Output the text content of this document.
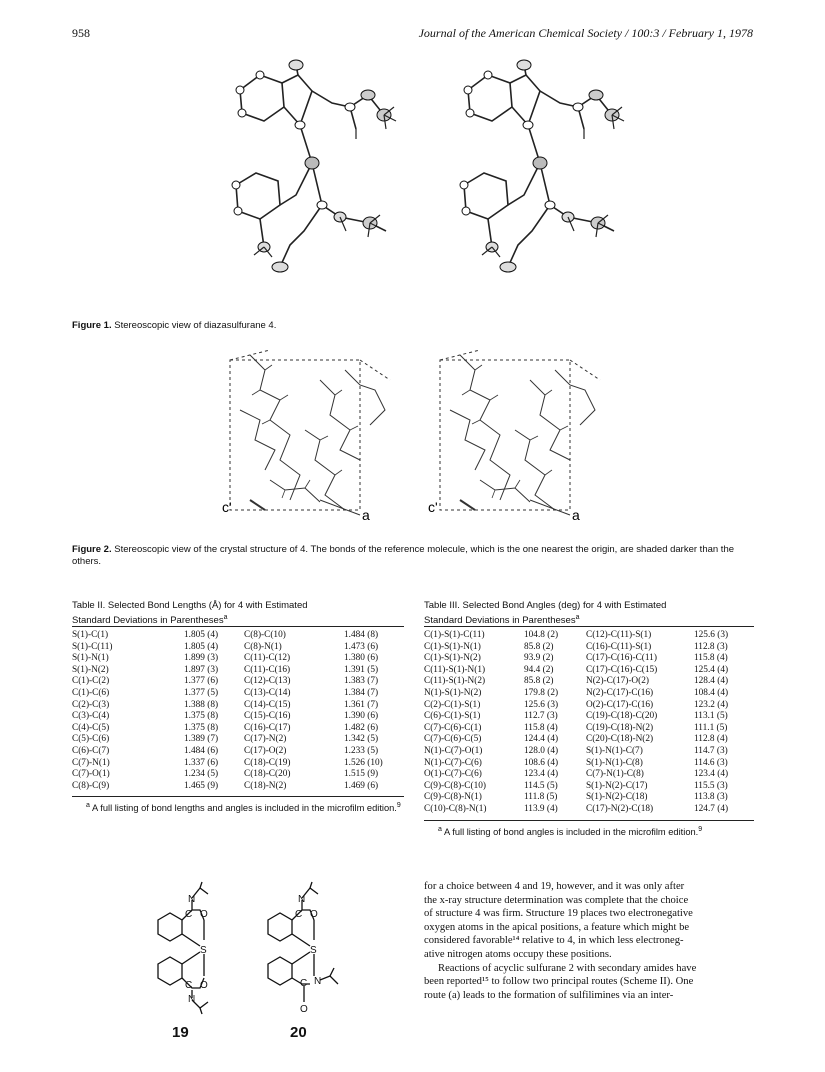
958	Journal of the American Chemical Society / 100:3 / February 1, 1978
Figure 1. Stereoscopic view of diazasulfurane 4.
c'	a	c'	a
Figure 2. Stereoscopic view of the crystal structure of 4. The bonds of the reference molecule, which is the one nearest the origin, are shaded darker than the others.
Table II. Selected Bond Lengths (Å) for 4 with Estimated
Standard Deviations in Parentheses$^a$
S(1)-C(1)	1.805 (4)	C(8)-C(10)	1.484 (8)
S(1)-C(11)	1.805 (4)	C(8)-N(1)	1.473 (6)
S(1)-N(1)	1.899 (3)	C(11)-C(12)	1.380 (6)
S(1)-N(2)	1.897 (3)	C(11)-C(16)	1.391 (5)
C(1)-C(2)	1.377 (6)	C(12)-C(13)	1.383 (7)
C(1)-C(6)	1.377 (5)	C(13)-C(14)	1.384 (7)
C(2)-C(3)	1.388 (8)	C(14)-C(15)	1.361 (7)
C(3)-C(4)	1.375 (8)	C(15)-C(16)	1.390 (6)
C(4)-C(5)	1.375 (8)	C(16)-C(17)	1.482 (6)
C(5)-C(6)	1.389 (7)	C(17)-N(2)	1.342 (5)
C(6)-C(7)	1.484 (6)	C(17)-O(2)	1.233 (5)
C(7)-N(1)	1.337 (6)	C(18)-C(19)	1.526 (10)
C(7)-O(1)	1.234 (5)	C(18)-C(20)	1.515 (9)
C(8)-C(9)	1.465 (9)	C(18)-N(2)	1.469 (6)
$^a$ A full listing of bond lengths and angles is included in the microfilm edition.$^9$
Table III. Selected Bond Angles (deg) for 4 with Estimated
Standard Deviations in Parentheses$^a$
C(1)-S(1)-C(11)	104.8 (2)	C(12)-C(11)-S(1)	125.6 (3)
C(1)-S(1)-N(1)	85.8 (2)	C(16)-C(11)-S(1)	112.8 (3)
C(1)-S(1)-N(2)	93.9 (2)	C(17)-C(16)-C(11)	115.8 (4)
C(11)-S(1)-N(1)	94.4 (2)	C(17)-C(16)-C(15)	125.4 (4)
C(11)-S(1)-N(2)	85.8 (2)	N(2)-C(17)-O(2)	128.4 (4)
N(1)-S(1)-N(2)	179.8 (2)	N(2)-C(17)-C(16)	108.4 (4)
C(2)-C(1)-S(1)	125.6 (3)	O(2)-C(17)-C(16)	123.2 (4)
C(6)-C(1)-S(1)	112.7 (3)	C(19)-C(18)-C(20)	113.1 (5)
C(7)-C(6)-C(1)	115.8 (4)	C(19)-C(18)-N(2)	111.1 (5)
C(7)-C(6)-C(5)	124.4 (4)	C(20)-C(18)-N(2)	112.8 (4)
N(1)-C(7)-O(1)	128.0 (4)	S(1)-N(1)-C(7)	114.7 (3)
N(1)-C(7)-C(6)	108.6 (4)	S(1)-N(1)-C(8)	114.6 (3)
O(1)-C(7)-C(6)	123.4 (4)	C(7)-N(1)-C(8)	123.4 (4)
C(9)-C(8)-C(10)	114.5 (5)	S(1)-N(2)-C(17)	115.5 (3)
C(9)-C(8)-N(1)	111.8 (5)	S(1)-N(2)-C(18)	113.8 (3)
C(10)-C(8)-N(1)	113.9 (4)	C(17)-N(2)-C(18)	124.7 (4)
$^a$ A full listing of bond angles is included in the microfilm edition.$^9$
N
C O
S
C O
N
N
C O
S
C N
O
19	20
for a choice between 4 and 19, however, and it was only after
the x-ray structure determination was complete that the choice
of structure 4 was firm. Structure 19 places two electronegative
oxygen atoms in the apical positions, a feature which might be
considered favorable¹⁴ relative to 4, in which less electroneg-
ative nitrogen atoms occupy these positions.
Reactions of acyclic sulfurane 2 with secondary amides have
been reported¹⁵ to follow two principal routes (Scheme II). One
route (a) leads to the formation of sulfilimines via an inter-
